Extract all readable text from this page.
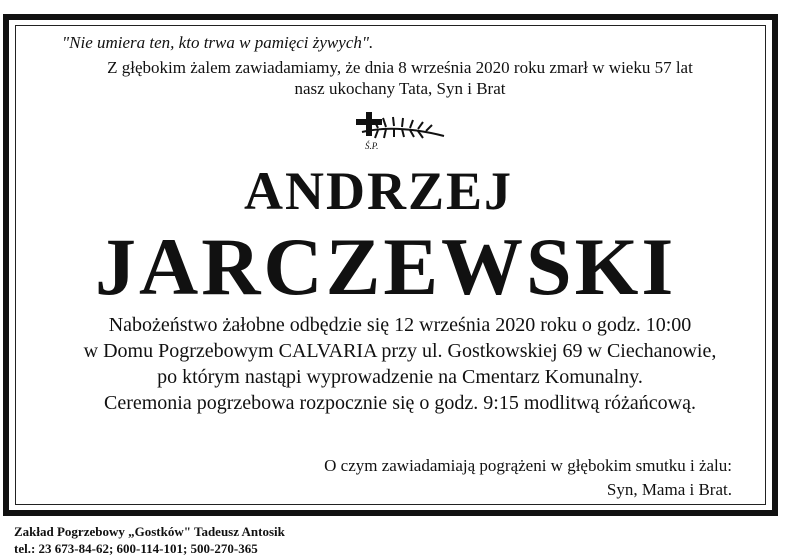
"Nie umiera ten, kto trwa w pamięci żywych".
Z głębokim żalem zawiadamiamy, że dnia 8 września 2020 roku zmarł w wieku 57 lat
nasz ukochany Tata, Syn i Brat
Ś.P.
ANDRZEJ
JARCZEWSKI
Nabożeństwo żałobne odbędzie się 12 września 2020 roku o godz. 10:00
w Domu Pogrzebowym CALVARIA przy ul. Gostkowskiej 69 w Ciechanowie,
po którym nastąpi wyprowadzenie na Cmentarz Komunalny.
Ceremonia pogrzebowa rozpocznie się o godz. 9:15 modlitwą różańcową.
O czym zawiadamiają pogrążeni w głębokim smutku i żalu:
Syn, Mama i Brat.
Zakład Pogrzebowy „Gostków" Tadeusz Antosik
tel.: 23 673-84-62; 600-114-101; 500-270-365
